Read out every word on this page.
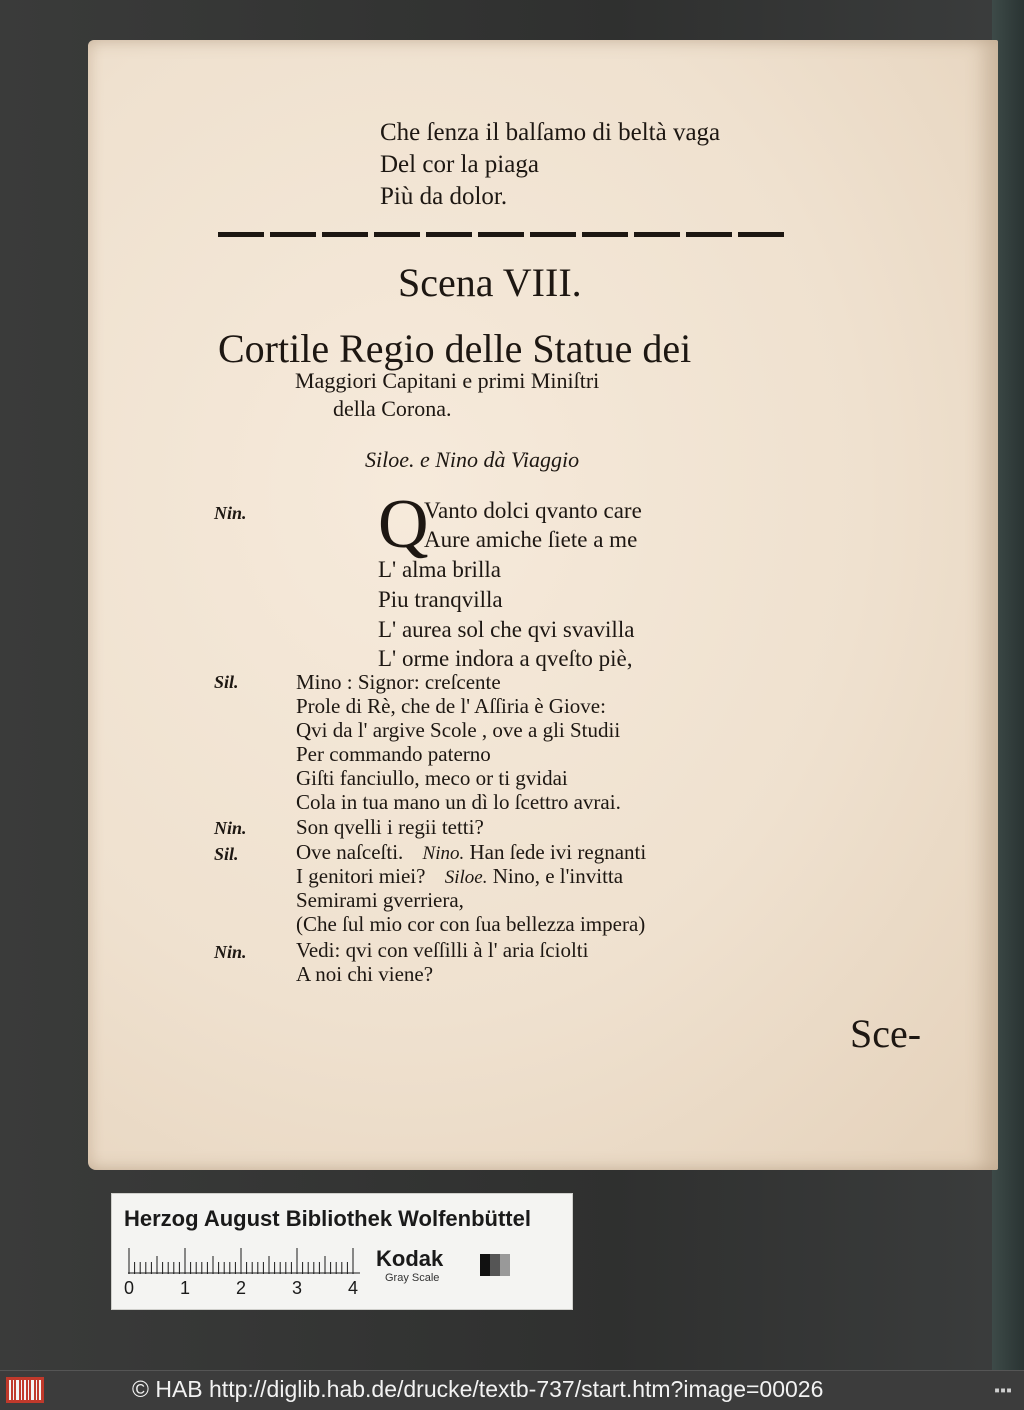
Che ſenza il balſamo di beltà vaga
Del cor la piaga
Più da dolor.
Scena VIII.
Cortile Regio delle Statue dei
Maggiori Capitani e primi Miniſtri
della Corona.
Siloe. e Nino dà Viaggio
Nin. Q
Vanto dolci qvanto care
Aure amiche ſiete a me
L' alma brilla
Piu tranqvilla
L' aurea sol che qvi svavilla
L' orme indora a qveſto piè,
Sil.	Mino : Signor: creſcente
Prole di Rè, che de l' Aſſiria è Giove:
Qvi da l' argive Scole , ove a gli Studii
Per commando paterno
Giſti fanciullo, meco or ti gvidai
Cola in tua mano un dì lo ſcettro avrai.
Nin. Son qvelli i regii tetti?
Sil.	Ove naſceſti. Nino. Han ſede ivi regnanti
I genitori miei? Siloe. Nino, e l'invitta
Semirami gverriera,
(Che ſul mio cor con ſua bellezza impera)
Nin. Vedi: qvi con veſſilli à l' aria ſciolti
A noi chi viene?
Sce-
Herzog August Bibliothek Wolfenbüttel
0	1	2	3	4
Kodak
Gray Scale
© HAB http://diglib.hab.de/drucke/textb-737/start.htm?image=00026	▪▪▪
